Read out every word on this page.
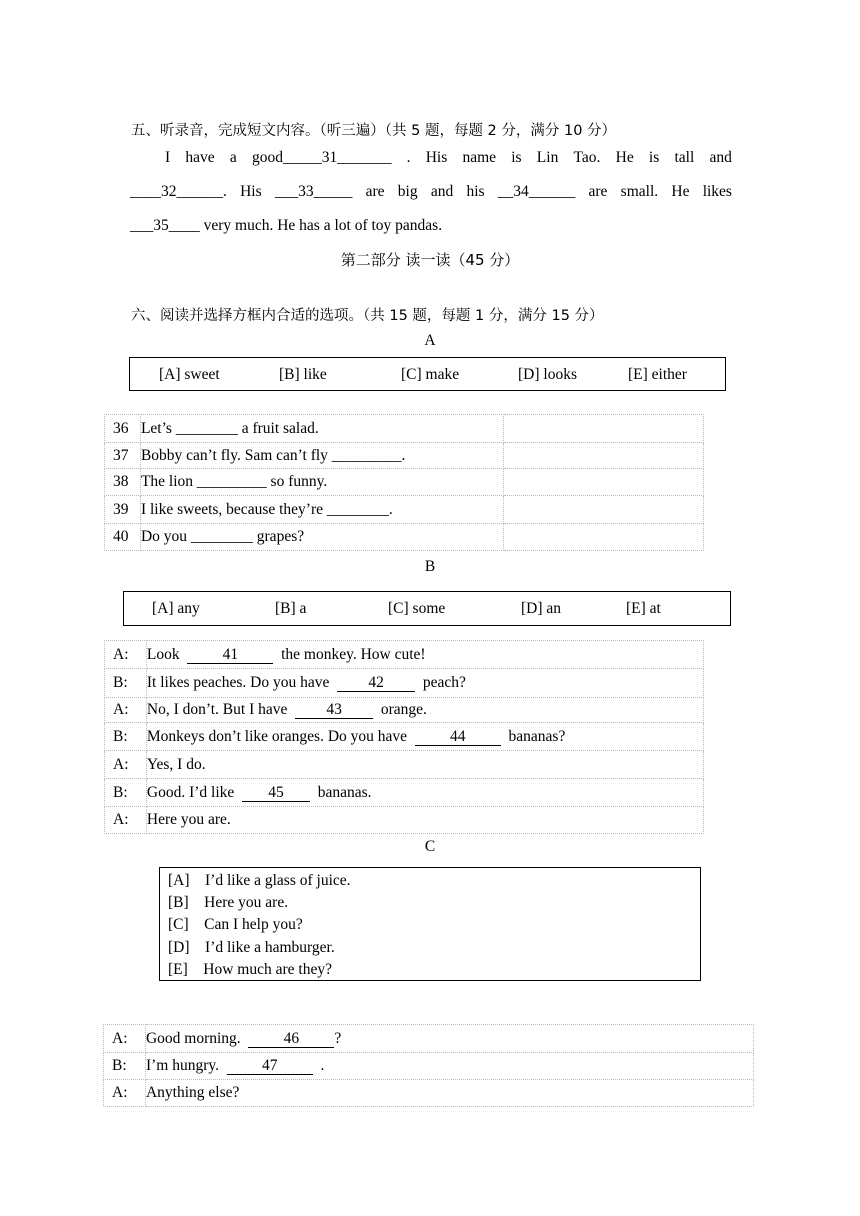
五、听录音，完成短文内容。（听三遍）（共 5 题，每题 2 分，满分 10 分）
I have a good_____31_______ . His name is Lin Tao. He is tall and
____32______. His ___33_____ are big and his __34______ are small. He likes
___35____ very much. He has a lot of toy pandas.
第二部分 读一读（45 分）
六、阅读并选择方框内合适的选项。（共 15 题，每题 1 分，满分 15 分）
A
[A] sweet	[B] like	[C] make	[D] looks	[E] either
36	Let’s ________ a fruit salad.	
37	Bobby can’t fly. Sam can’t fly _________.	
38	The lion _________ so funny.	
39	I like sweets, because they’re ________.	
40	Do you ________ grapes?	
B
[A] any	[B] a	[C] some	[D] an	[E] at
A:	Look 41 the monkey. How cute!
B:	It likes peaches. Do you have 42 peach?
A:	No, I don’t. But I have 43 orange.
B:	Monkeys don’t like oranges. Do you have 44 bananas?
A:	Yes, I do.
B:	Good. I’d like 45 bananas.
A:	Here you are.
C
[A] I’d like a glass of juice.
[B] Here you are.
[C] Can I help you?
[D] I’d like a hamburger.
[E] How much are they?
A:	Good morning. 46 ?
B:	I’m hungry. 47 .
A:	Anything else?
